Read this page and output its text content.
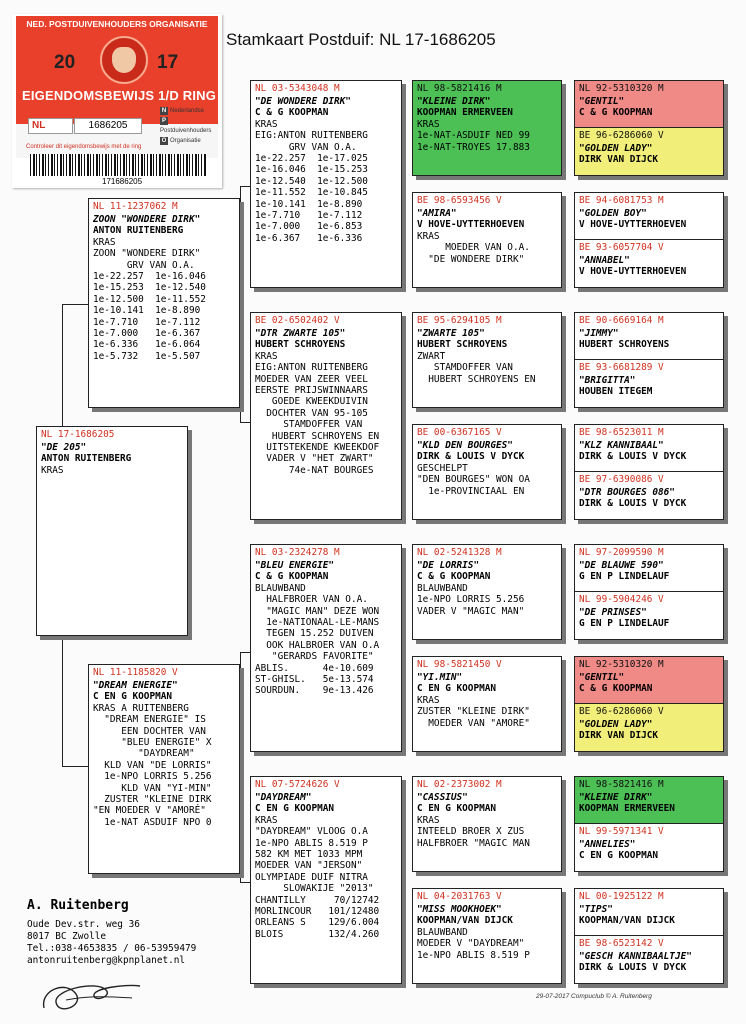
NED. POSTDUIVENHOUDERS ORGANISATIE
20	17
EIGENDOMSBEWIJS 1/D RING
NL	1686205
N Nederlandse
PPostduivenhouders
O Organisatie
Controleer dit eigendomsbewijs met de ring
171686205
Stamkaart Postduif: NL 17-1686205
NL 17-1686205
"DE 205"
ANTON RUITENBERG
KRAS
NL 11-1237062 M
ZOON "WONDERE DIRK"
ANTON RUITENBERG
KRAS
ZOON "WONDERE DIRK"
GRV VAN O.A.
1e-22.257  1e-16.046
1e-15.253  1e-12.540
1e-12.500  1e-11.552
1e-10.141  1e-8.890
1e-7.710   1e-7.112
1e-7.000   1e-6.367
1e-6.336   1e-6.064
1e-5.732   1e-5.507
NL 11-1185820 V
"DREAM ENERGIE"
C EN G KOOPMAN
KRAS A RUITENBERG
"DREAM ENERGIE" IS
EEN DOCHTER VAN
"BLEU ENERGIE" X
"DAYDREAM"
KLD VAN "DE LORRIS"
1e-NPO LORRIS 5.256
KLD VAN "YI-MIN"
ZUSTER "KLEINE DIRK
"EN MOEDER V "AMORÉ"
1e-NAT ASDUIF NPO 0
NL 03-5343048 M
"DE WONDERE DIRK"
C & G KOOPMAN
KRAS
EIG:ANTON RUITENBERG
GRV VAN O.A.
1e-22.257  1e-17.025
1e-16.046  1e-15.253
1e-12.540  1e-12.500
1e-11.552  1e-10.845
1e-10.141  1e-8.890
1e-7.710   1e-7.112
1e-7.000   1e-6.853
1e-6.367   1e-6.336
BE 02-6502402 V
"DTR ZWARTE 105"
HUBERT SCHROYENS
KRAS
EIG:ANTON RUITENBERG
MOEDER VAN ZEER VEEL
EERSTE PRIJSWINNAARS
GOEDE KWEEKDUIVIN
DOCHTER VAN 95-105
STAMDOFFER VAN
HUBERT SCHROYENS EN
UITSTEKENDE KWEEKDOF
VADER V "HET ZWART"
74e-NAT BOURGES
NL 03-2324278 M
"BLEU ENERGIE"
C & G KOOPMAN
BLAUWBAND
HALFBROER VAN O.A.
"MAGIC MAN" DEZE WON
1e-NATIONAAL-LE-MANS
TEGEN 15.252 DUIVEN
OOK HALBROER VAN O.A
"GERARDS FAVORITE"
ABLIS.      4e-10.609
ST-GHISL.   5e-13.574
SOURDUN.    9e-13.426
NL 07-5724626 V
"DAYDREAM"
C EN G KOOPMAN
KRAS
"DAYDREAM" VLOOG O.A
1e-NPO ABLIS 8.519 P
582 KM MET 1033 MPM
MOEDER VAN "JERSON"
OLYMPIADE DUIF NITRA
SLOWAKIJE "2013"
CHANTILLY     70/12742
MORLINCOUR   101/12480
ORLEANS S    129/6.004
BLOIS        132/4.260
NL 98-5821416 M
"KLEINE DIRK"
KOOPMAN ERMERVEEN
KRAS
1e-NAT-ASDUIF NED 99
1e-NAT-TROYES 17.883
BE 98-6593456 V
"AMIRA"
V HOVE-UYTTERHOEVEN
KRAS
MOEDER VAN O.A.
"DE WONDERE DIRK"
BE 95-6294105 M
"ZWARTE 105"
HUBERT SCHROYENS
ZWART
STAMDOFFER VAN
HUBERT SCHROYENS EN
BE 00-6367165 V
"KLD DEN BOURGES"
DIRK & LOUIS V DYCK
GESCHELPT
"DEN BOURGES" WON OA
1e-PROVINCIAAL EN
NL 02-5241328 M
"DE LORRIS"
C & G KOOPMAN
BLAUWBAND
1e-NPO LORRIS 5.256
VADER V "MAGIC MAN"
NL 98-5821450 V
"YI.MIN"
C EN G KOOPMAN
KRAS
ZUSTER "KLEINE DIRK"
MOEDER VAN "AMORE"
NL 02-2373002 M
"CASSIUS"
C EN G KOOPMAN
KRAS
INTEELD BROER X ZUS
HALFBROER "MAGIC MAN
NL 04-2031763 V
"MISS MOOKHOEK"
KOOPMAN/VAN DIJCK
BLAUWBAND
MOEDER V "DAYDREAM"
1e-NPO ABLIS 8.519 P
NL 92-5310320 M
"GENTIL"
C & G KOOPMAN
BE 96-6286060 V
"GOLDEN LADY"
DIRK VAN DIJCK
BE 94-6081753 M
"GOLDEN BOY"
V HOVE-UYTTERHOEVEN
BE 93-6057704 V
"ANNABEL"
V HOVE-UYTTERHOEVEN
BE 90-6669164 M
"JIMMY"
HUBERT SCHROYENS
BE 93-6681289 V
"BRIGITTA"
HOUBEN ITEGEM
BE 98-6523011 M
"KLZ KANNIBAAL"
DIRK & LOUIS V DYCK
BE 97-6390086 V
"DTR BOURGES 086"
DIRK & LOUIS V DYCK
NL 97-2099590 M
"DE BLAUWE 590"
G EN P LINDELAUF
NL 99-5904246 V
"DE PRINSES"
G EN P LINDELAUF
NL 92-5310320 M
"GENTIL"
C & G KOOPMAN
BE 96-6286060 V
"GOLDEN LADY"
DIRK VAN DIJCK
NL 98-5821416 M
"KLEINE DIRK"
KOOPMAN ERMERVEEN
NL 99-5971341 V
"ANNELIES"
C EN G KOOPMAN
NL 00-1925122 M
"TIPS"
KOOPMAN/VAN DIJCK
BE 98-6523142 V
"GESCH KANNIBAALTJE"
DIRK & LOUIS V DYCK
A. Ruitenberg
Oude Dev.str. weg 36
8017 BC Zwolle
Tel.:038-4653835 / 06-53959479
antonruitenberg@kpnplanet.nl
29-07-2017 Compuclub © A. Ruitenberg
